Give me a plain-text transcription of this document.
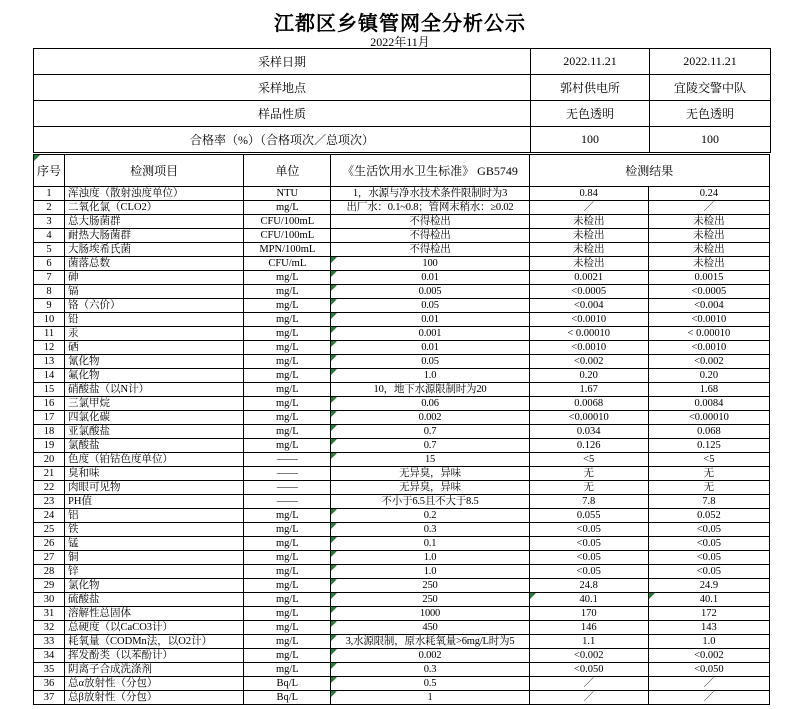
江都区乡镇管网全分析公示
2022年11月
采样日期	2022.11.21	2022.11.21
采样地点	郭村供电所	宜陵交警中队
样品性质	无色透明	无色透明
合格率（%）（合格项次／总项次）	100	100
序号	检测项目	单位	《生活饮用水卫生标准》 GB5749	检测结果	
1	浑浊度（散射浊度单位）	NTU	1，水源与净水技术条件限制时为3	0.84	0.24
2	二氧化氯（CLO2）	mg/L	出厂水：0.1~0.8；管网末稍水：≥0.02	／	／
3	总大肠菌群	CFU/100mL	不得检出	未检出	未检出
4	耐热大肠菌群	CFU/100mL	不得检出	未检出	未检出
5	大肠埃希氏菌	MPN/100mL	不得检出	未检出	未检出
6	菌落总数	CFU/mL	100	未检出	未检出
7	砷	mg/L	0.01	0.0021	0.0015
8	镉	mg/L	0.005	<0.0005	<0.0005
9	铬（六价）	mg/L	0.05	<0.004	<0.004
10	铅	mg/L	0.01	<0.0010	<0.0010
11	汞	mg/L	0.001	< 0.00010	< 0.00010
12	硒	mg/L	0.01	<0.0010	<0.0010
13	氰化物	mg/L	0.05	<0.002	<0.002
14	氟化物	mg/L	1.0	0.20	0.20
15	硝酸盐（以N计）	mg/L	10，地下水源限制时为20	1.67	1.68
16	三氯甲烷	mg/L	0.06	0.0068	0.0084
17	四氯化碳	mg/L	0.002	<0.00010	<0.00010
18	亚氯酸盐	mg/L	0.7	0.034	0.068
19	氯酸盐	mg/L	0.7	0.126	0.125
20	色度（铂钴色度单位）	——	15	<5	<5
21	臭和味	——	无异臭，异味	无	无
22	肉眼可见物	——	无异臭，异味	无	无
23	PH值	——	不小于6.5且不大于8.5	7.8	7.8
24	铝	mg/L	0.2	0.055	0.052
25	铁	mg/L	0.3	<0.05	<0.05
26	锰	mg/L	0.1	<0.05	<0.05
27	铜	mg/L	1.0	<0.05	<0.05
28	锌	mg/L	1.0	<0.05	<0.05
29	氯化物	mg/L	250	24.8	24.9
30	硫酸盐	mg/L	250	40.1	40.1
31	溶解性总固体	mg/L	1000	170	172
32	总硬度（以CaCO3计）	mg/L	450	146	143
33	耗氧量（CODMn法，以O2计）	mg/L	3,水源限制，原水耗氧量>6mg/L时为5	1.1	1.0
34	挥发酚类（以苯酚计）	mg/L	0.002	<0.002	<0.002
35	阴离子合成洗涤剂	mg/L	0.3	<0.050	<0.050
36	总α放射性（分包）	Bq/L	0.5	／	／
37	总β放射性（分包）	Bq/L	1	／	／
